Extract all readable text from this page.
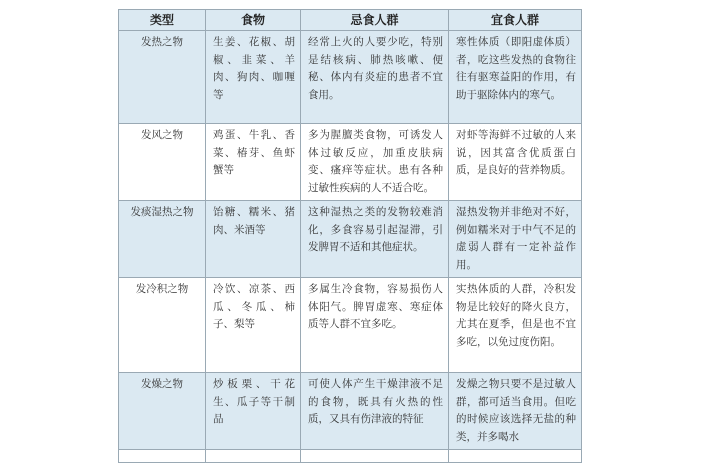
类型	食物	忌食人群	宜食人群
发热之物	生姜、花椒、胡椒、韭菜、羊肉、狗肉、咖喱等	经常上火的人要少吃，特别是结核病、肺热咳嗽、便秘、体内有炎症的患者不宜食用。	寒性体质（即阳虚体质）者，吃这些发热的食物往往有驱寒益阳的作用，有助于驱除体内的寒气。
发风之物	鸡蛋、牛乳、香菜、椿芽、鱼虾蟹等	多为腥膻类食物，可诱发人体过敏反应，加重皮肤病变、瘙痒等症状。患有各种过敏性疾病的人不适合吃。	对虾等海鲜不过敏的人来说，因其富含优质蛋白质，是良好的营养物质。
发痰湿热之物	饴糖、糯米、猪肉、米酒等	这种湿热之类的发物较难消化，多食容易引起湿滞，引发脾胃不适和其他症状。	湿热发物并非绝对不好，例如糯米对于中气不足的虚弱人群有一定补益作用。
发冷积之物	冷饮、凉茶、西瓜、冬瓜、柿子、梨等	多属生冷食物，容易损伤人体阳气。脾胃虚寒、寒症体质等人群不宜多吃。	实热体质的人群，冷积发物是比较好的降火良方，尤其在夏季，但是也不宜多吃，以免过度伤阳。
发燥之物	炒板栗、干花生、瓜子等干制品	可使人体产生干燥津液不足的食物，既具有火热的性质，又具有伤津液的特征	发燥之物只要不是过敏人群，都可适当食用。但吃的时候应该选择无盐的种类，并多喝水
